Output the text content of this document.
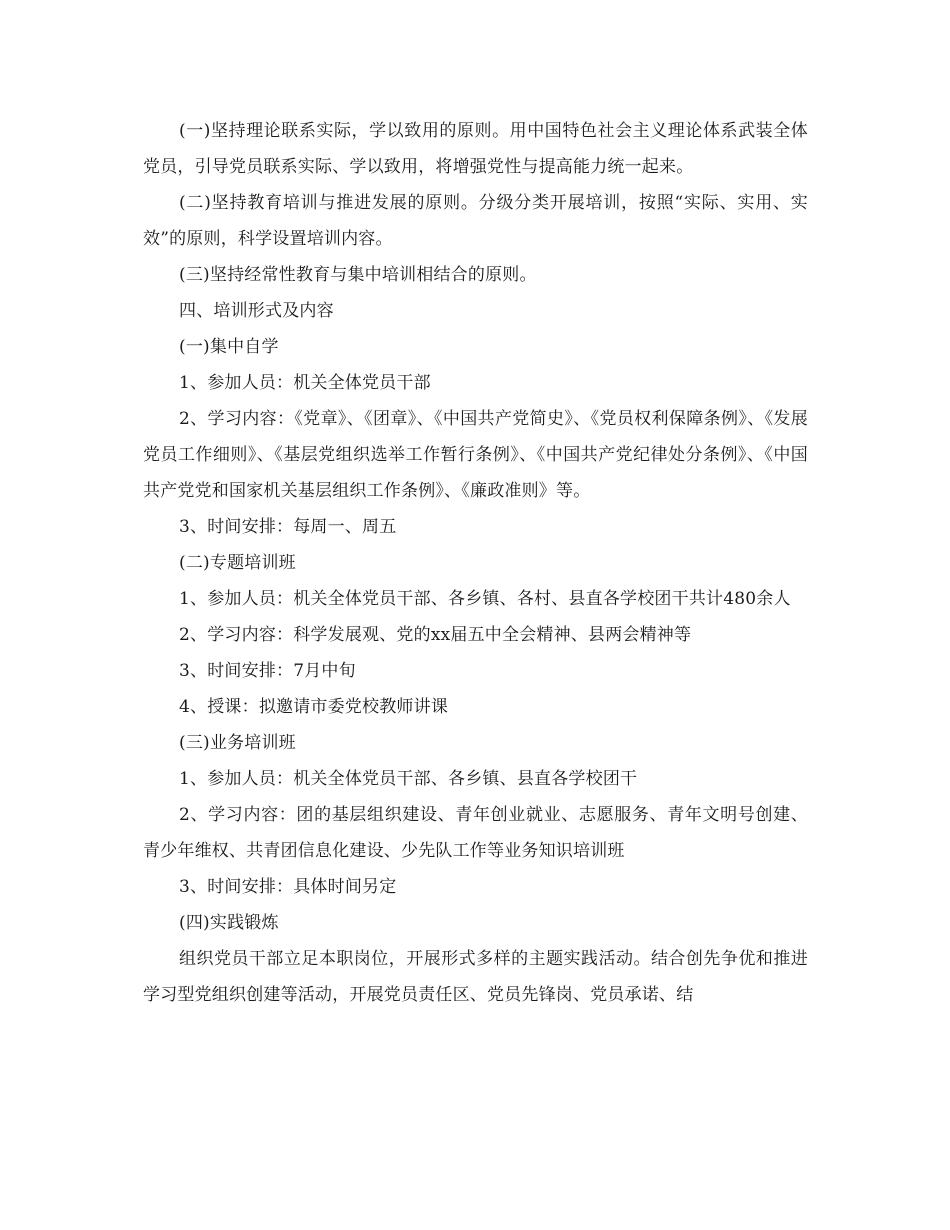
(一)坚持理论联系实际，学以致用的原则。用中国特色社会主义理论体系武装全体党员，引导党员联系实际、学以致用，将增强党性与提高能力统一起来。

(二)坚持教育培训与推进发展的原则。分级分类开展培训，按照“实际、实用、实效”的原则，科学设置培训内容。

(三)坚持经常性教育与集中培训相结合的原则。

四、培训形式及内容

(一)集中自学

1、参加人员：机关全体党员干部

2、学习内容：《党章》、《团章》、《中国共产党简史》、《党员权利保障条例》、《发展党员工作细则》、《基层党组织选举工作暂行条例》、《中国共产党纪律处分条例》、《中国共产党党和国家机关基层组织工作条例》、《廉政准则》等。

3、时间安排：每周一、周五

(二)专题培训班

1、参加人员：机关全体党员干部、各乡镇、各村、县直各学校团干共计480余人

2、学习内容：科学发展观、党的xx届五中全会精神、县两会精神等

3、时间安排：7月中旬

4、授课：拟邀请市委党校教师讲课

(三)业务培训班

1、参加人员：机关全体党员干部、各乡镇、县直各学校团干

2、学习内容：团的基层组织建设、青年创业就业、志愿服务、青年文明号创建、青少年维权、共青团信息化建设、少先队工作等业务知识培训班

3、时间安排：具体时间另定

(四)实践锻炼

组织党员干部立足本职岗位，开展形式多样的主题实践活动。结合创先争优和推进学习型党组织创建等活动，开展党员责任区、党员先锋岗、党员承诺、结
